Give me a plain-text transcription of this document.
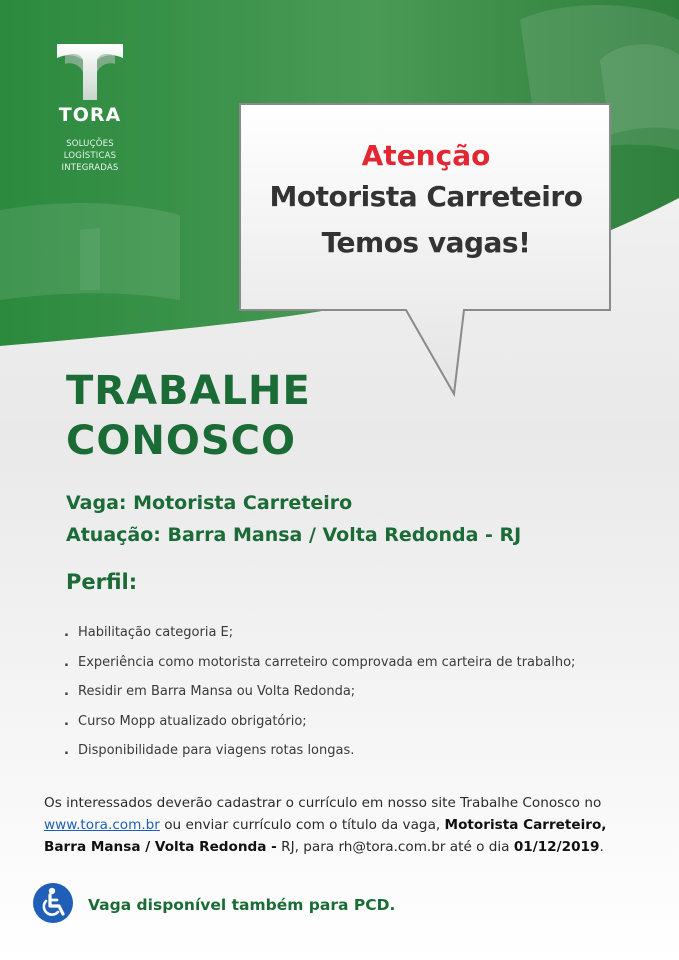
TORA
SOLUÇÕES LOGÍSTICAS
INTEGRADAS	Atenção
Motorista Carreteiro
Temos vagas!
TRABALHE
CONOSCO
Vaga: Motorista Carreteiro
Atuação: Barra Mansa / Volta Redonda - RJ
Perfil:
. Habilitação categoria E;
. Experiência como motorista carreteiro comprovada em carteira de trabalho;
. Residir em Barra Mansa ou Volta Redonda;
. Curso Mopp atualizado obrigatório;
. Disponibilidade para viagens rotas longas.
Os interessados deverão cadastrar o currículo em nosso site Trabalhe Conosco no www.tora.com.br ou enviar currículo com o título da vaga, Motorista Carreteiro, Barra Mansa / Volta Redonda - RJ, para rh@tora.com.br até o dia 01/12/2019.
Vaga disponível também para PCD.
